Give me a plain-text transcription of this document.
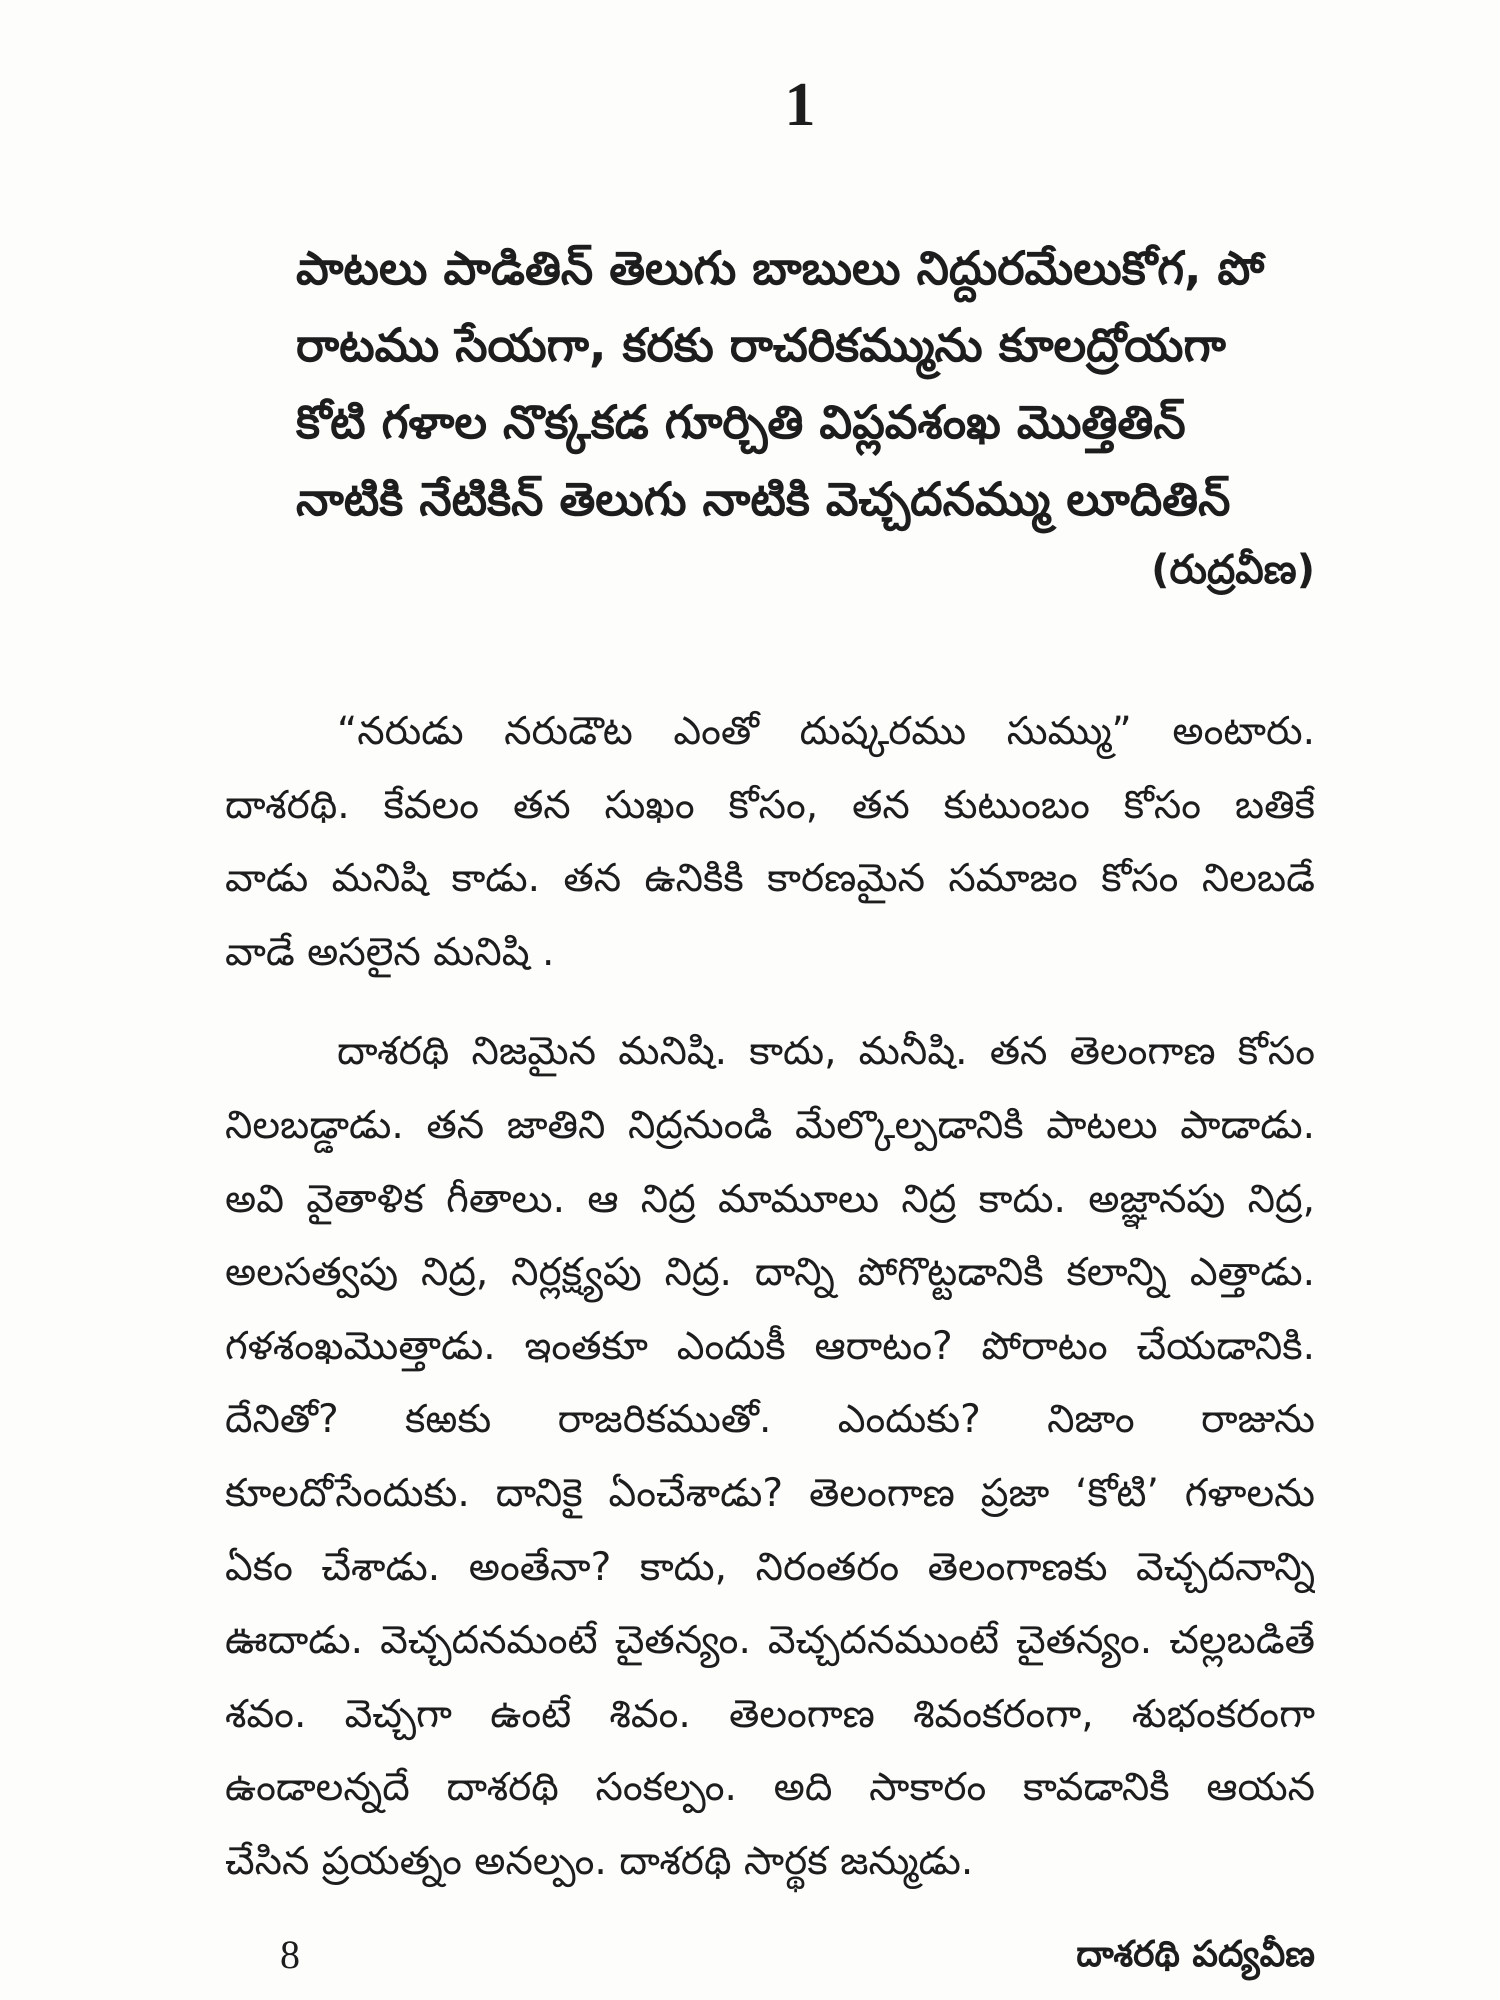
1
పాటలు పాడితిన్ తెలుగు బాబులు నిద్దురమేలుకోగ, పో
రాటము సేయగా, కరకు రాచరికమ్మును కూలద్రోయగా
కోటి గళాల నొక్కకడ గూర్చితి విప్లవశంఖ మొత్తితిన్
నాటికి నేటికిన్ తెలుగు నాటికి వెచ్చదనమ్ము లూదితిన్
(రుద్రవీణ)
“నరుడు నరుడౌట ఎంతో దుష్కరము సుమ్ము” అంటారు.
దాశరథి. కేవలం తన సుఖం కోసం, తన కుటుంబం కోసం బతికే
వాడు మనిషి కాడు. తన ఉనికికి కారణమైన సమాజం కోసం నిలబడే
వాడే అసలైన మనిషి .
దాశరథి నిజమైన మనిషి. కాదు, మనీషి. తన తెలంగాణ కోసం
నిలబడ్డాడు. తన జాతిని నిద్రనుండి మేల్కొల్పడానికి పాటలు పాడాడు.
అవి వైతాళిక గీతాలు. ఆ నిద్ర మామూలు నిద్ర కాదు. అజ్ఞానపు నిద్ర,
అలసత్వపు నిద్ర, నిర్లక్ష్యపు నిద్ర. దాన్ని పోగొట్టడానికి కలాన్ని ఎత్తాడు.
గళశంఖమొత్తాడు. ఇంతకూ ఎందుకీ ఆరాటం? పోరాటం చేయడానికి.
దేనితో? కఱకు రాజరికముతో. ఎందుకు? నిజాం రాజును
కూలదోసేందుకు. దానికై ఏంచేశాడు? తెలంగాణ ప్రజా ‘కోటి’ గళాలను
ఏకం చేశాడు. అంతేనా? కాదు, నిరంతరం తెలంగాణకు వెచ్చదనాన్ని
ఊదాడు. వెచ్చదనమంటే చైతన్యం. వెచ్చదనముంటే చైతన్యం. చల్లబడితే
శవం. వెచ్చగా ఉంటే శివం. తెలంగాణ శివంకరంగా, శుభంకరంగా
ఉండాలన్నదే దాశరథి సంకల్పం. అది సాకారం కావడానికి ఆయన
చేసిన ప్రయత్నం అనల్పం. దాశరథి సార్థక జన్ముడు.
8	దాశరథి పద్యవీణ
